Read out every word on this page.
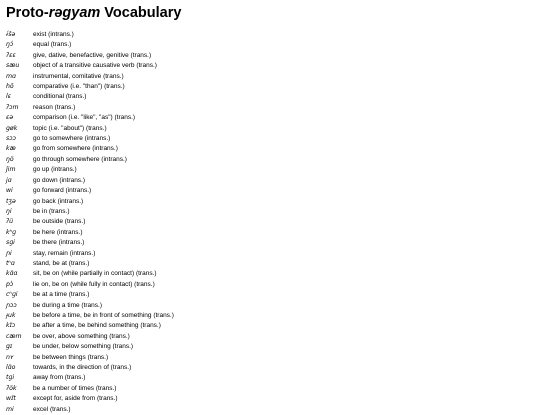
Proto-rəgyam Vocabulary
ɨ́ŝə	exist (intrans.)
ŋɔ́	equal (trans.)
ʔɛɛ	give, dative, benefactive, genitive (trans.)
sæu	object of a transitive causative verb (trans.)
mɑ	instrumental, comitative (trans.)
hō	comparative (i.e. "than") (trans.)
lɛ	conditional (trans.)
ʔɔm	reason (trans.)
ɛə	comparison (i.e. "like", "as") (trans.)
gøk	topic (i.e. "about") (trans.)
sɔɔ	go to somewhere (intrans.)
kæ	go from somewhere (intrans.)
ŋö	go through somewhere (intrans.)
ĵim	go up (intrans.)
jɑ	go down (intrans.)
wi	go forward (intrans.)
tʒə	go back (intrans.)
ŋi	be in (trans.)
ʔü	be outside (trans.)
kʰɡ	be here (intrans.)
sɡi	be there (intrans.)
ɲi	stay, remain (intrans.)
tʰɑ	stand, be at (trans.)
kɑ̈ɑ	sit, be on (while partially in contact) (trans.)
pɔ̀	lie on, be on (while fully in contact) (trans.)
cʰɡi	be at a time (trans.)
ɲɔɔ	be during a time (trans.)
ɟuk	be before a time, be in front of something (trans.)
kɪ̈ɔ	be after a time, be behind something (trans.)
cæm	be over, above something (trans.)
gɪ	be under, below something (trans.)
nʏ	be between things (trans.)
lɑ̈o	towards, in the direction of (trans.)
tɡi	away from (trans.)
ʔök	be a number of times (trans.)
wɪ̈t	except for, aside from (trans.)
mi	excel (trans.)
